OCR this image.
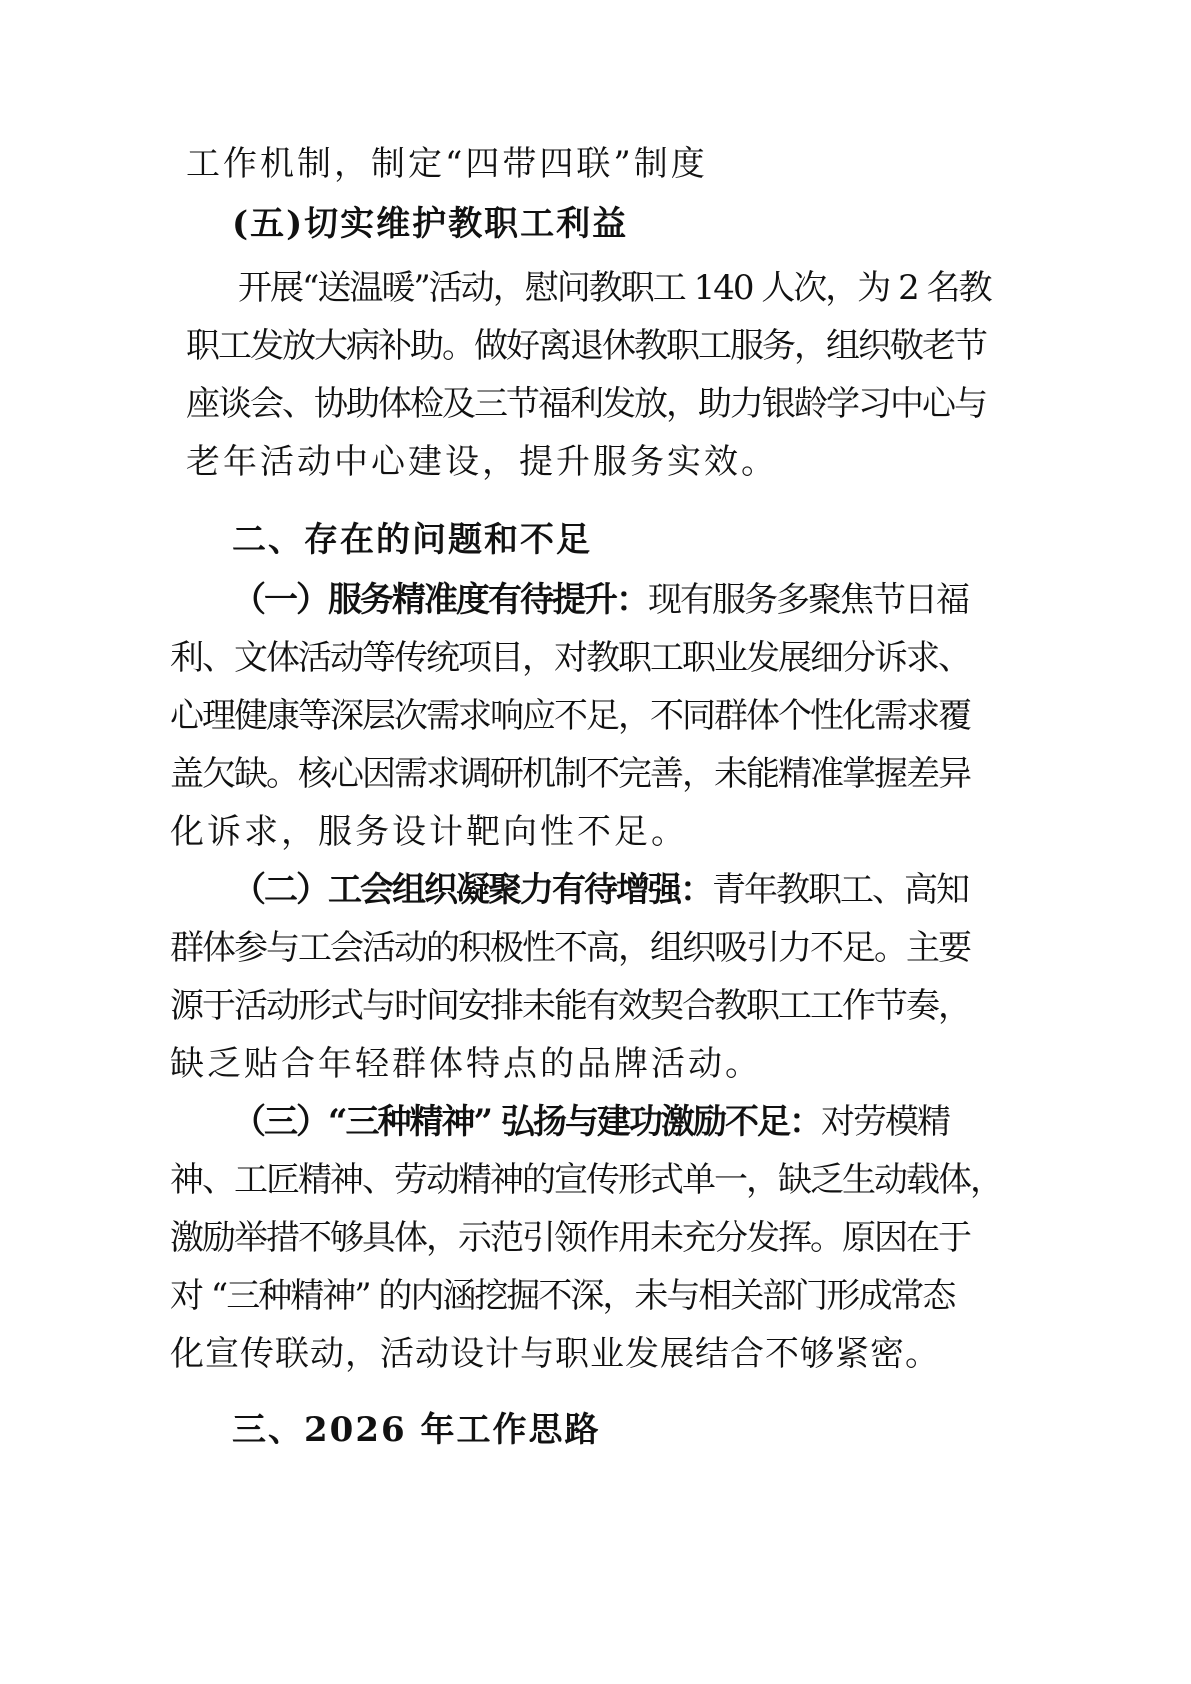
工作机制，制定“四带四联”制度
(五)切实维护教职工利益
开展“送温暖”活动，慰问教职工 140 人次，为 2 名教
职工发放大病补助。做好离退休教职工服务，组织敬老节
座谈会、协助体检及三节福利发放，助力银龄学习中心与
老年活动中心建设，提升服务实效。
二、存在的问题和不足
（一）服务精准度有待提升：现有服务多聚焦节日福
利、文体活动等传统项目，对教职工职业发展细分诉求、
心理健康等深层次需求响应不足，不同群体个性化需求覆
盖欠缺。核心因需求调研机制不完善，未能精准掌握差异
化诉求，服务设计靶向性不足。
（二）工会组织凝聚力有待增强：青年教职工、高知
群体参与工会活动的积极性不高，组织吸引力不足。主要
源于活动形式与时间安排未能有效契合教职工工作节奏，
缺乏贴合年轻群体特点的品牌活动。
（三）“三种精神” 弘扬与建功激励不足：对劳模精
神、工匠精神、劳动精神的宣传形式单一，缺乏生动载体，
激励举措不够具体，示范引领作用未充分发挥。原因在于
对 “三种精神” 的内涵挖掘不深，未与相关部门形成常态
化宣传联动，活动设计与职业发展结合不够紧密。
三、2026 年工作思路
